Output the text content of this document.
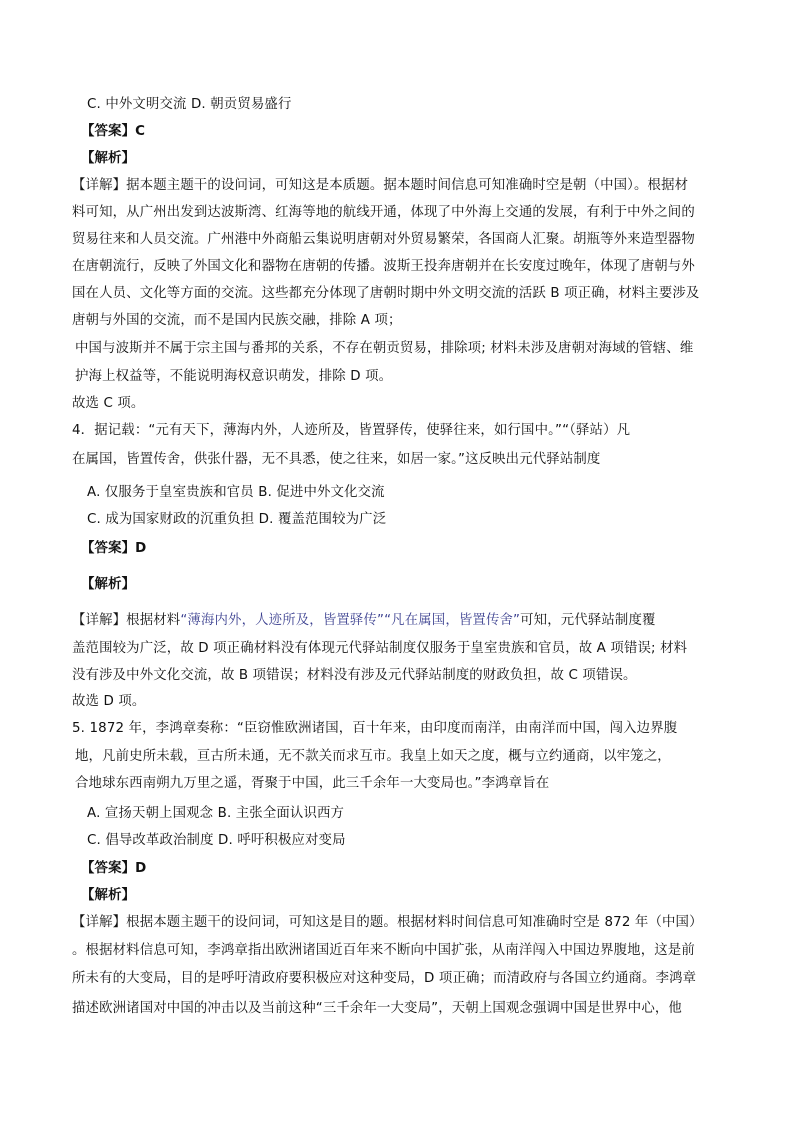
C. 中外文明交流 D. 朝贡贸易盛行
【答案】C
【解析】
【详解】据本题主题干的设问词，可知这是本质题。据本题时间信息可知准确时空是朝（中国）。根据材
料可知，从广州出发到达波斯湾、红海等地的航线开通，体现了中外海上交通的发展，有利于中外之间的
贸易往来和人员交流。广州港中外商船云集说明唐朝对外贸易繁荣，各国商人汇聚。胡瓶等外来造型器物
在唐朝流行，反映了外国文化和器物在唐朝的传播。波斯王投奔唐朝并在长安度过晚年，体现了唐朝与外
国在人员、文化等方面的交流。这些都充分体现了唐朝时期中外文明交流的活跃 B 项正确，材料主要涉及
唐朝与外国的交流，而不是国内民族交融，排除 A 项；
中国与波斯并不属于宗主国与番邦的关系，不存在朝贡贸易，排除项; 材料未涉及唐朝对海域的管辖、维
护海上权益等，不能说明海权意识萌发，排除 D 项。
故选 C 项。
4．据记载：“元有天下，薄海内外，人迹所及，皆置驿传，使驿往来，如行国中。”“（驿站）凡
在属国，皆置传舍，供张什器，无不具悉，使之往来，如居一家。”这反映出元代驿站制度
A. 仅服务于皇室贵族和官员 B. 促进中外文化交流
C. 成为国家财政的沉重负担 D. 覆盖范围较为广泛
【答案】D
【解析】
【详解】根据材料“薄海内外，人迹所及，皆置驿传”“凡在属国，皆置传舍”可知，元代驿站制度覆
盖范围较为广泛，故 D 项正确材料没有体现元代驿站制度仅服务于皇室贵族和官员，故 A 项错误; 材料
没有涉及中外文化交流，故 B 项错误；材料没有涉及元代驿站制度的财政负担，故 C 项错误。
故选 D 项。
5. 1872 年，李鸿章奏称：“臣窃惟欧洲诸国，百十年来，由印度而南洋，由南洋而中国，闯入边界腹
地，凡前史所未载，亘古所未通，无不款关而求互市。我皇上如天之度，概与立约通商，以牢笼之，
合地球东西南朔九万里之遥，胥聚于中国，此三千余年一大变局也。”李鸿章旨在
A. 宣扬天朝上国观念 B. 主张全面认识西方
C. 倡导改革政治制度 D. 呼吁积极应对变局
【答案】D
【解析】
【详解】根据本题主题干的设问词，可知这是目的题。根据材料时间信息可知准确时空是 872 年（中国）
。根据材料信息可知，李鸿章指出欧洲诸国近百年来不断向中国扩张，从南洋闯入中国边界腹地，这是前
所未有的大变局，目的是呼吁清政府要积极应对这种变局，D 项正确；而清政府与各国立约通商。李鸿章
描述欧洲诸国对中国的冲击以及当前这种“三千余年一大变局”，天朝上国观念强调中国是世界中心，他
